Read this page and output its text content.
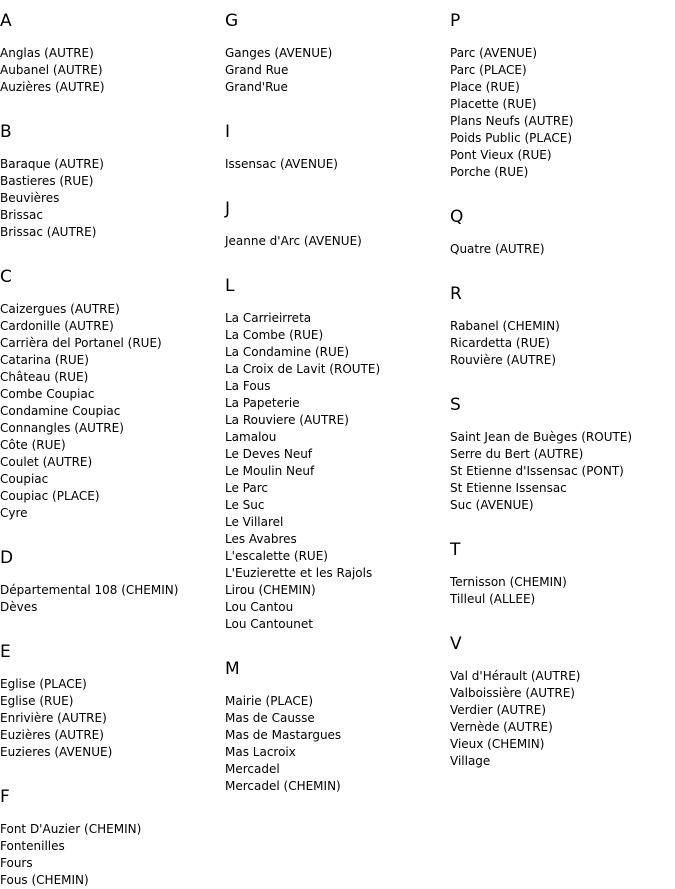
A
Anglas (AUTRE)
Aubanel (AUTRE)
Auzières (AUTRE)
B
Baraque (AUTRE)
Bastieres (RUE)
Beuvières
Brissac
Brissac (AUTRE)
C
Caizergues (AUTRE)
Cardonille (AUTRE)
Carrièra del Portanel (RUE)
Catarina (RUE)
Château (RUE)
Combe Coupiac
Condamine Coupiac
Connangles (AUTRE)
Côte (RUE)
Coulet (AUTRE)
Coupiac
Coupiac (PLACE)
Cyre
D
Départemental 108 (CHEMIN)
Dèves
E
Eglise (PLACE)
Eglise (RUE)
Enrivière (AUTRE)
Euzières (AUTRE)
Euzieres (AVENUE)
F
Font D'Auzier (CHEMIN)
Fontenilles
Fours
Fous (CHEMIN)
G
Ganges (AVENUE)
Grand Rue
Grand'Rue
I
Issensac (AVENUE)
J
Jeanne d'Arc (AVENUE)
L
La Carrieirreta
La Combe (RUE)
La Condamine (RUE)
La Croix de Lavit (ROUTE)
La Fous
La Papeterie
La Rouviere (AUTRE)
Lamalou
Le Deves Neuf
Le Moulin Neuf
Le Parc
Le Suc
Le Villarel
Les Avabres
L'escalette (RUE)
L'Euzierette et les Rajols
Lirou (CHEMIN)
Lou Cantou
Lou Cantounet
M
Mairie (PLACE)
Mas de Causse
Mas de Mastargues
Mas Lacroix
Mercadel
Mercadel (CHEMIN)
P
Parc (AVENUE)
Parc (PLACE)
Place (RUE)
Placette (RUE)
Plans Neufs (AUTRE)
Poids Public (PLACE)
Pont Vieux (RUE)
Porche (RUE)
Q
Quatre (AUTRE)
R
Rabanel (CHEMIN)
Ricardetta (RUE)
Rouvière (AUTRE)
S
Saint Jean de Buèges (ROUTE)
Serre du Bert (AUTRE)
St Etienne d'Issensac (PONT)
St Etienne Issensac
Suc (AVENUE)
T
Ternisson (CHEMIN)
Tilleul (ALLEE)
V
Val d'Hérault (AUTRE)
Valboissière (AUTRE)
Verdier (AUTRE)
Vernède (AUTRE)
Vieux (CHEMIN)
Village
